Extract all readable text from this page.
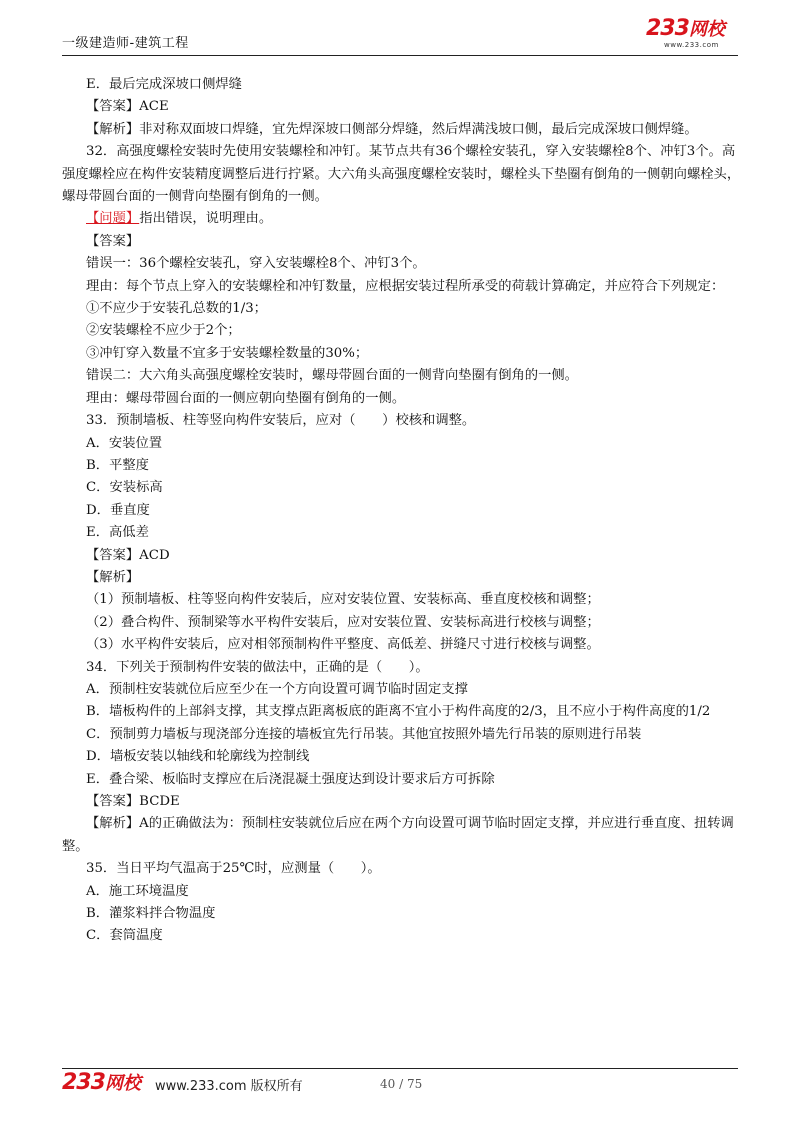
一级建造师-建筑工程
233网校
www.233.com
E．最后完成深坡口侧焊缝
【答案】ACE
【解析】非对称双面坡口焊缝，宜先焊深坡口侧部分焊缝，然后焊满浅坡口侧，最后完成深坡口侧焊缝。
32．高强度螺栓安装时先使用安装螺栓和冲钉。某节点共有36个螺栓安装孔，穿入安装螺栓8个、冲钉3个。高强度螺栓应在构件安装精度调整后进行拧紧。大六角头高强度螺栓安装时，螺栓头下垫圈有倒角的一侧朝向螺栓头，螺母带圆台面的一侧背向垫圈有倒角的一侧。
【问题】指出错误，说明理由。
【答案】
错误一：36个螺栓安装孔，穿入安装螺栓8个、冲钉3个。
理由：每个节点上穿入的安装螺栓和冲钉数量，应根据安装过程所承受的荷载计算确定，并应符合下列规定：
①不应少于安装孔总数的1/3；
②安装螺栓不应少于2个；
③冲钉穿入数量不宜多于安装螺栓数量的30%；
错误二：大六角头高强度螺栓安装时，螺母带圆台面的一侧背向垫圈有倒角的一侧。
理由：螺母带圆台面的一侧应朝向垫圈有倒角的一侧。
33．预制墙板、柱等竖向构件安装后，应对（　　）校核和调整。
A．安装位置
B．平整度
C．安装标高
D．垂直度
E．高低差
【答案】ACD
【解析】
（1）预制墙板、柱等竖向构件安装后，应对安装位置、安装标高、垂直度校核和调整；
（2）叠合构件、预制梁等水平构件安装后，应对安装位置、安装标高进行校核与调整；
（3）水平构件安装后，应对相邻预制构件平整度、高低差、拼缝尺寸进行校核与调整。
34．下列关于预制构件安装的做法中，正确的是（　　）。
A．预制柱安装就位后应至少在一个方向设置可调节临时固定支撑
B．墙板构件的上部斜支撑，其支撑点距离板底的距离不宜小于构件高度的2/3，且不应小于构件高度的1/2
C．预制剪力墙板与现浇部分连接的墙板宜先行吊装。其他宜按照外墙先行吊装的原则进行吊装
D．墙板安装以轴线和轮廓线为控制线
E．叠合梁、板临时支撑应在后浇混凝土强度达到设计要求后方可拆除
【答案】BCDE
【解析】A的正确做法为：预制柱安装就位后应在两个方向设置可调节临时固定支撑，并应进行垂直度、扭转调整。
35．当日平均气温高于25℃时，应测量（　　）。
A．施工环境温度
B．灌浆料拌合物温度
C．套筒温度
233网校	www.233.com 版权所有	40 / 75
